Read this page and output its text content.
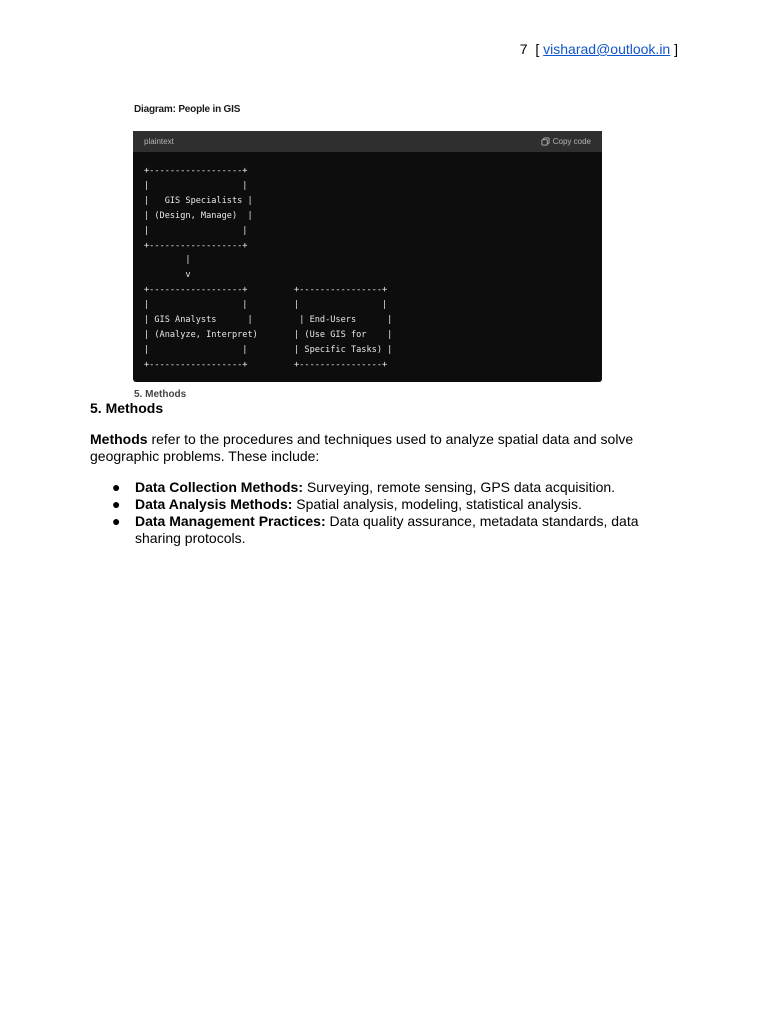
7 [ visharad@outlook.in ]
Diagram: People in GIS
plaintext	Copy code
+------------------+
|                  |
|   GIS Specialists |
| (Design, Manage)  |
|                  |
+------------------+
|
v
+------------------+         +----------------+
|                  |         |                |
| GIS Analysts      |         | End-Users      |
| (Analyze, Interpret)       | (Use GIS for    |
|                  |         | Specific Tasks) |
+------------------+         +----------------+
5. Methods
5. Methods
Methods refer to the procedures and techniques used to analyze spatial data and solve geographic problems. These include:
● Data Collection Methods: Surveying, remote sensing, GPS data acquisition.
● Data Analysis Methods: Spatial analysis, modeling, statistical analysis.
● Data Management Practices: Data quality assurance, metadata standards, data sharing protocols.
